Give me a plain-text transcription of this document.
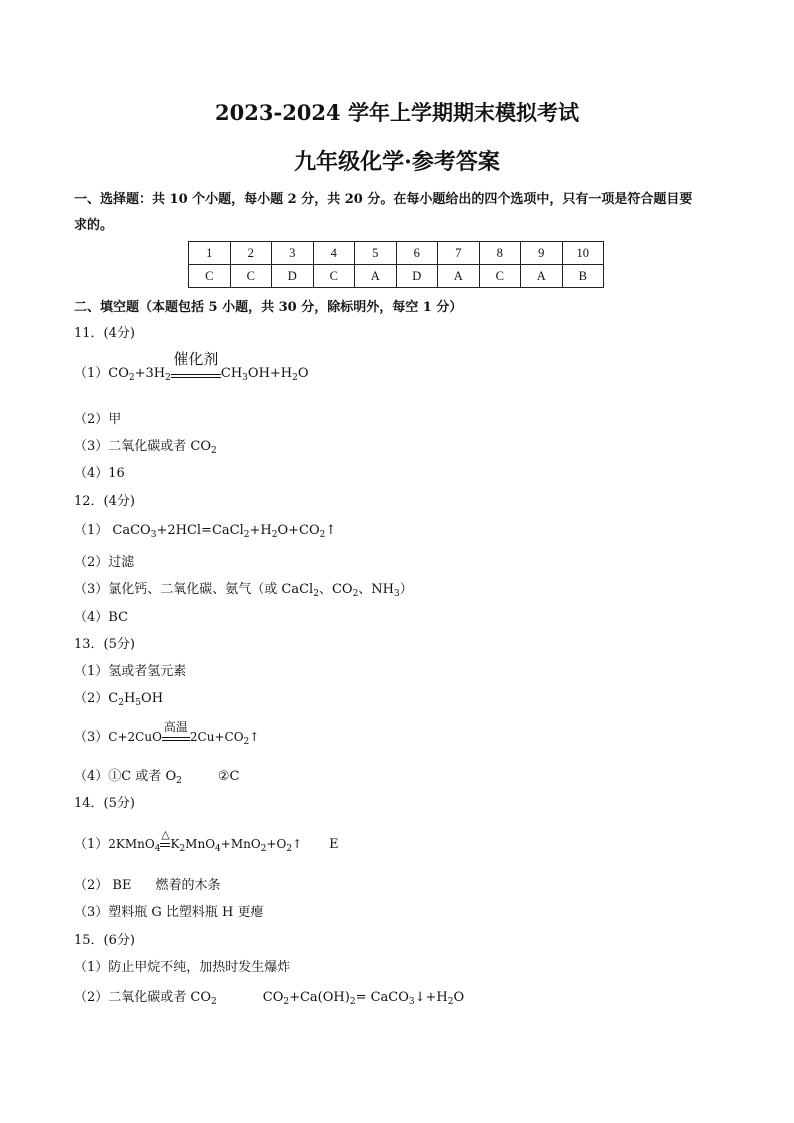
2023-2024 学年上学期期末模拟考试
九年级化学·参考答案
一、选择题：共 10 个小题，每小题 2 分，共 20 分。在每小题给出的四个选项中，只有一项是符合题目要
求的。
1	2	3	4	5	6	7	8	9	10
C	C	D	C	A	D	A	C	A	B
二、填空题（本题包括 5 小题，共 30 分，除标明外，每空 1 分）
11．(4分)
$(1)CO_2+3H_2$
催化剂
$CH_3OH+H_2O$
（2）甲
（3）二氧化碳或者 $CO_2$
（4）16
12．(4分)
（1） $CaCO_3+2HCl=CaCl_2+H_2O+CO_2↑$
（2）过滤
（3）氯化钙、二氧化碳、氨气（或 CaCl$_2$、$CO_2$、$NH_3$）
（4）BC
13．(5分)
（1）氢或者氢元素
$(2)C_2H_5OH$
（3）C+2CuO
高温
$2Cu+CO_2↑$
（4）①C 或者 $O_2$	②C
14．(5分)
（1）2KMnO$_4$
△
$K_2MnO_4+MnO_2+O_2↑$ E
（2） BE 燃着的木条
（3）塑料瓶 G 比塑料瓶 H 更瘪
15．(6分)
（1）防止甲烷不纯，加热时发生爆炸
（2）二氧化碳或者 $CO_2$	$CO_2+Ca(OH)_2=$ $CaCO_3↓+H_2O$
